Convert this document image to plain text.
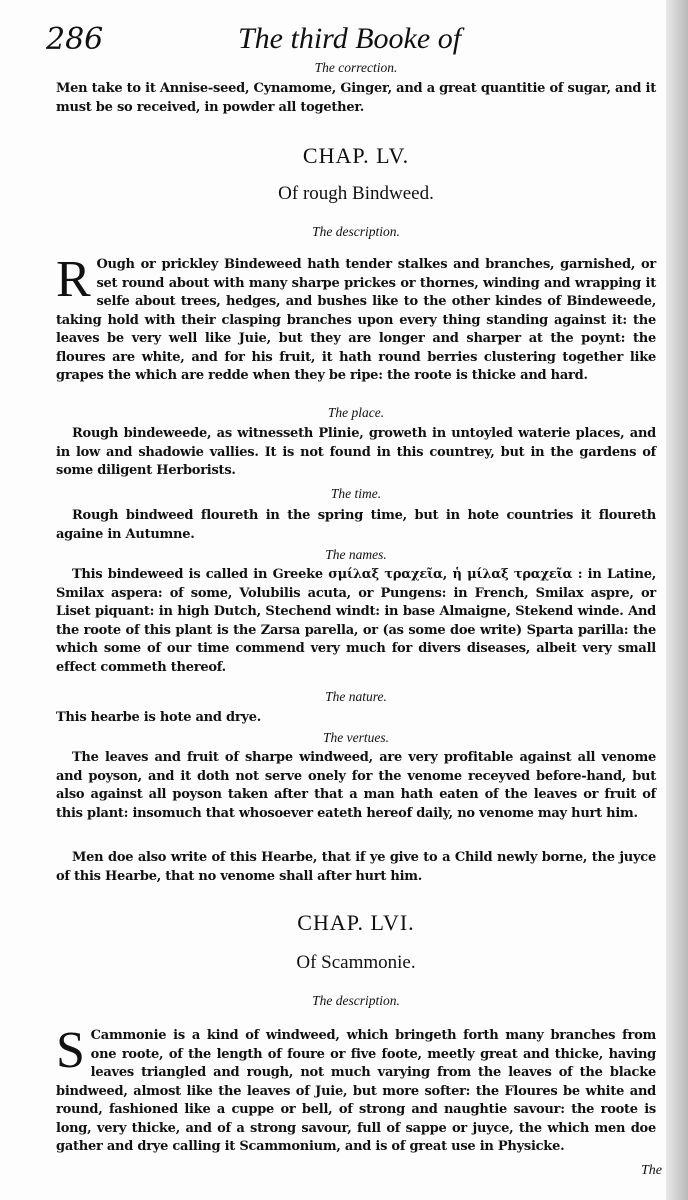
286	The third Booke of
The correction.
Men take to it Annise-seed, Cynamome, Ginger, and a great quantitie of sugar, and it must be so received, in powder all together.
CHAP. LV.
Of rough Bindweed.
The description.
R Ough or prickley Bindeweed hath tender stalkes and branches, garnished, or set round about with many sharpe prickes or thornes, winding and wrapping it selfe about trees, hedges, and bushes like to the other kindes of Bindeweede, taking hold with their clasping branches upon every thing standing against it: the leaves be very well like Juie, but they are longer and sharper at the poynt: the floures are white, and for his fruit, it hath round berries clustering together like grapes the which are redde when they be ripe: the roote is thicke and hard.
The place.
Rough bindeweede, as witnesseth Plinie, groweth in untoyled waterie places, and in low and shadowie vallies. It is not found in this countrey, but in the gardens of some diligent Herborists.
The time.
Rough bindweed floureth in the spring time, but in hote countries it floureth againe in Autumne.
The names.
This bindeweed is called in Greeke σμίλαξ τραχεῖα, ἡ μίλαξ τραχεῖα : in Latine, Smilax aspera: of some, Volubilis acuta, or Pungens: in French, Smilax aspre, or Liset piquant: in high Dutch, Stechend windt: in base Almaigne, Stekend winde. And the roote of this plant is the Zarsa parella, or (as some doe write) Sparta parilla: the which some of our time commend very much for divers diseases, albeit very small effect commeth thereof.
The nature.
This hearbe is hote and drye.
The vertues.
The leaves and fruit of sharpe windweed, are very profitable against all venome and poyson, and it doth not serve onely for the venome receyved before-hand, but also against all poyson taken after that a man hath eaten of the leaves or fruit of this plant: insomuch that whosoever eateth hereof daily, no venome may hurt him.
Men doe also write of this Hearbe, that if ye give to a Child newly borne, the juyce of this Hearbe, that no venome shall after hurt him.
CHAP. LVI.
Of Scammonie.
The description.
S Cammonie is a kind of windweed, which bringeth forth many branches from one roote, of the length of foure or five foote, meetly great and thicke, having leaves triangled and rough, not much varying from the leaves of the blacke bindweed, almost like the leaves of Juie, but more softer: the Floures be white and round, fashioned like a cuppe or bell, of strong and naughtie savour: the roote is long, very thicke, and of a strong savour, full of sappe or juyce, the which men doe gather and drye calling it Scammonium, and is of great use in Physicke.
The
